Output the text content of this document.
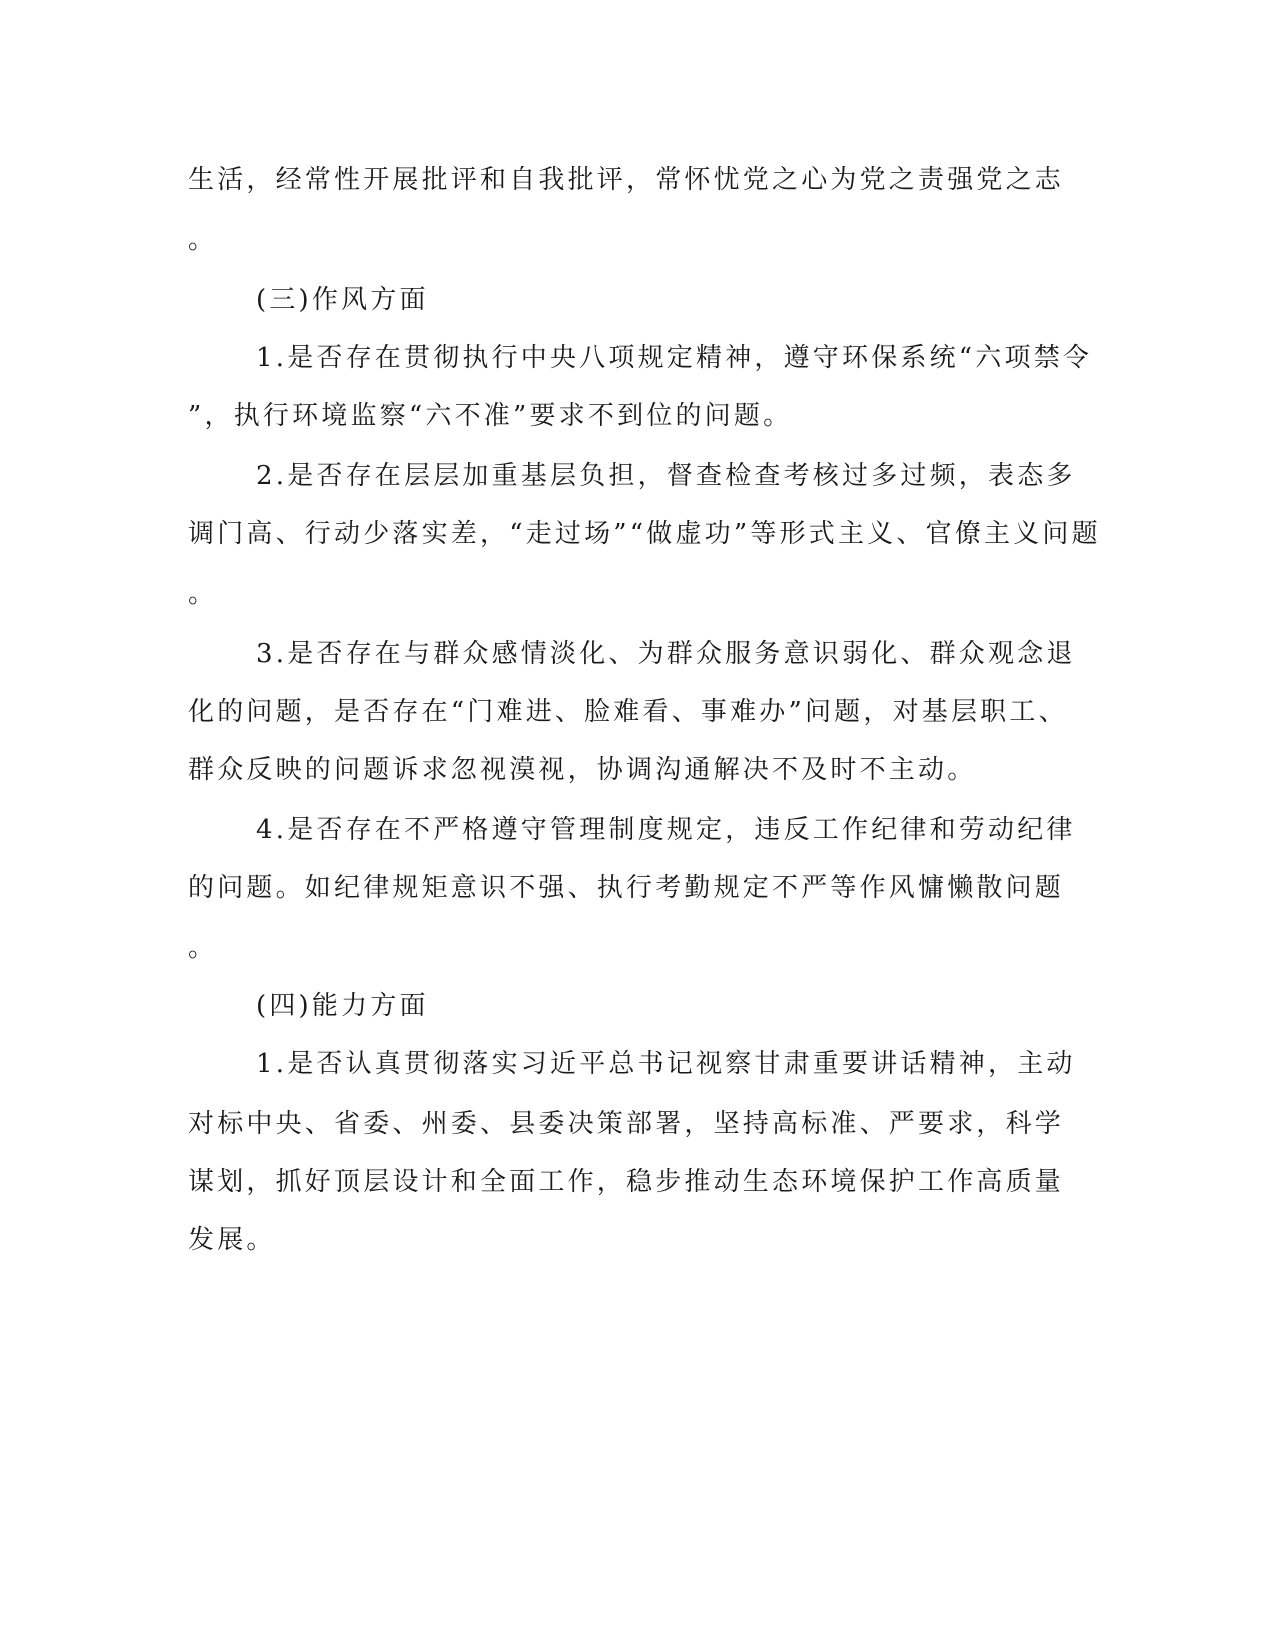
生活，经常性开展批评和自我批评，常怀忧党之心为党之责强党之志
。
(三)作风方面
1.是否存在贯彻执行中央八项规定精神，遵守环保系统“六项禁令
”，执行环境监察“六不准”要求不到位的问题。
2.是否存在层层加重基层负担，督查检查考核过多过频，表态多
调门高、行动少落实差，“走过场”“做虚功”等形式主义、官僚主义问题
。
3.是否存在与群众感情淡化、为群众服务意识弱化、群众观念退
化的问题，是否存在“门难进、脸难看、事难办”问题，对基层职工、
群众反映的问题诉求忽视漠视，协调沟通解决不及时不主动。
4.是否存在不严格遵守管理制度规定，违反工作纪律和劳动纪律
的问题。如纪律规矩意识不强、执行考勤规定不严等作风慵懒散问题
。
(四)能力方面
1.是否认真贯彻落实习近平总书记视察甘肃重要讲话精神，主动
对标中央、省委、州委、县委决策部署，坚持高标准、严要求，科学
谋划，抓好顶层设计和全面工作，稳步推动生态环境保护工作高质量
发展。
